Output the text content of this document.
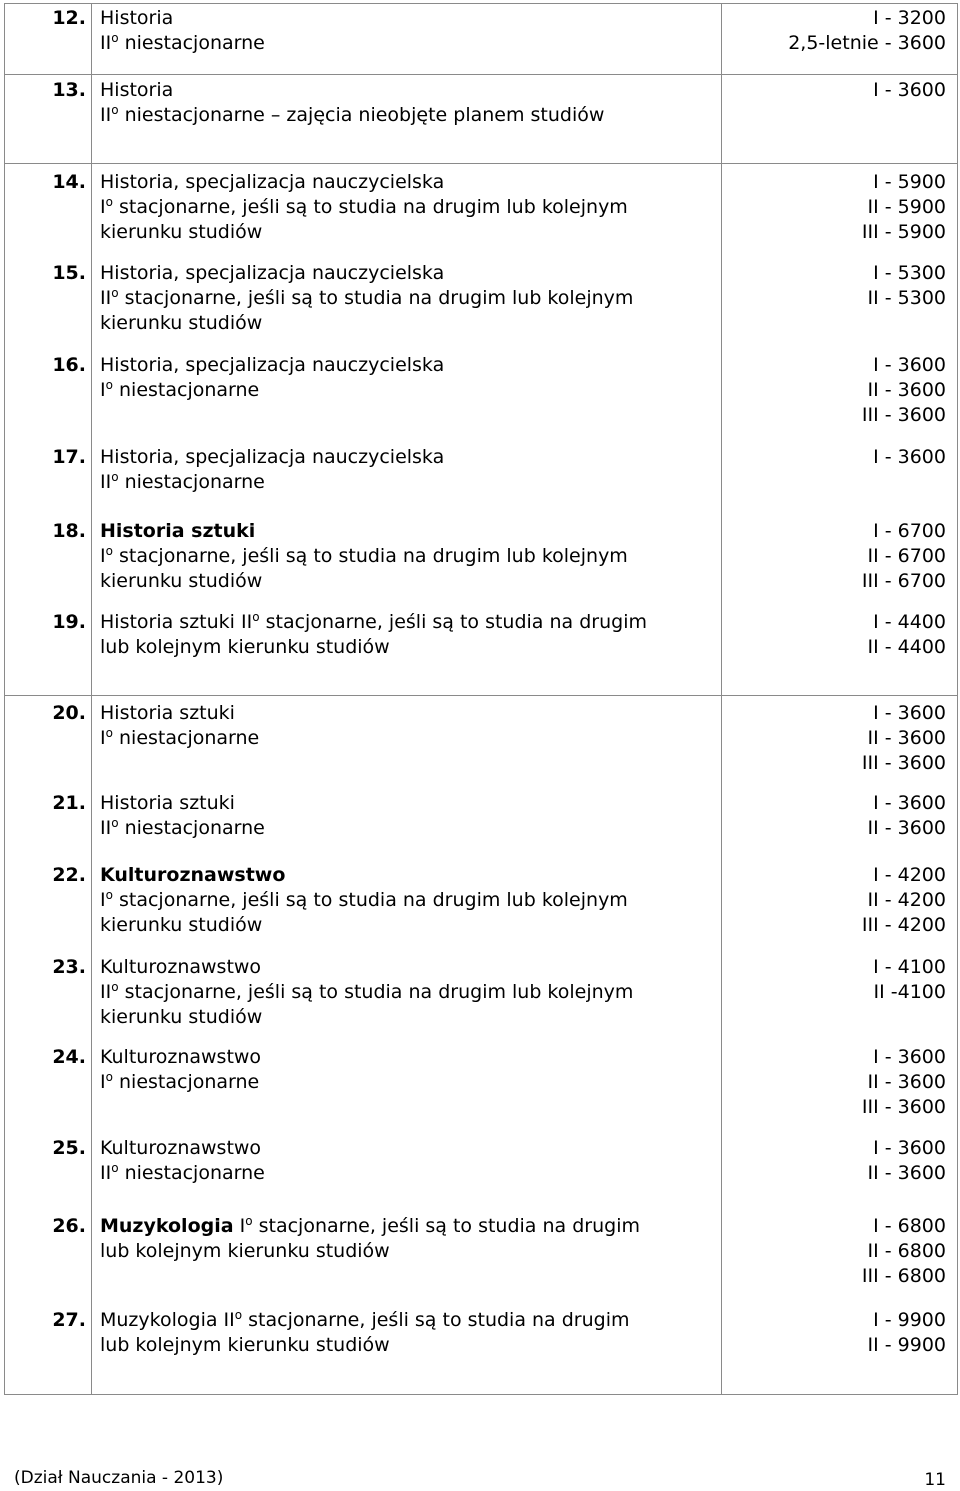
12. Historia
$II^o$ niestacjonarne
I - 3200
2,5-letnie - 3600
13. Historia
$II^o$ niestacjonarne – zajęcia nieobjęte planem studiów
I - 3600
14. Historia, specjalizacja nauczycielska
$I^o$ stacjonarne, jeśli są to studia na drugim lub kolejnym
kierunku studiów
I - 5900
II - 5900
III - 5900
15. Historia, specjalizacja nauczycielska
$II^o$ stacjonarne, jeśli są to studia na drugim lub kolejnym
kierunku studiów
I - 5300
II - 5300
16. Historia, specjalizacja nauczycielska
$I^o$ niestacjonarne
I - 3600
II - 3600
III - 3600
17. Historia, specjalizacja nauczycielska
$II^o$ niestacjonarne
I - 3600
18. Historia sztuki
$I^o$ stacjonarne, jeśli są to studia na drugim lub kolejnym
kierunku studiów
I - 6700
II - 6700
III - 6700
19. Historia sztuki $II^o$ stacjonarne, jeśli są to studia na drugim
lub kolejnym kierunku studiów
I - 4400
II - 4400
20. Historia sztuki
$I^o$ niestacjonarne
I - 3600
II - 3600
III - 3600
21. Historia sztuki
$II^o$ niestacjonarne
I - 3600
II - 3600
22. Kulturoznawstwo
$I^o$ stacjonarne, jeśli są to studia na drugim lub kolejnym
kierunku studiów
I - 4200
II - 4200
III - 4200
23. Kulturoznawstwo
$II^o$ stacjonarne, jeśli są to studia na drugim lub kolejnym
kierunku studiów
I - 4100
II -4100
24. Kulturoznawstwo
$I^o$ niestacjonarne
I - 3600
II - 3600
III - 3600
25. Kulturoznawstwo
$II^o$ niestacjonarne
I - 3600
II - 3600
26. Muzykologia $I^o$ stacjonarne, jeśli są to studia na drugim
lub kolejnym kierunku studiów
I - 6800
II - 6800
III - 6800
27. Muzykologia $II^o$ stacjonarne, jeśli są to studia na drugim
lub kolejnym kierunku studiów
I - 9900
II - 9900
(Dział Nauczania - 2013)	11
